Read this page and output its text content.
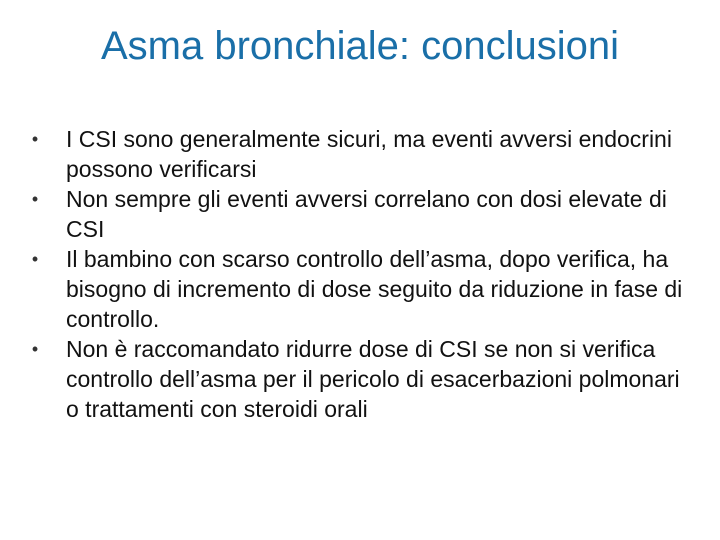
Asma bronchiale: conclusioni
• I CSI sono generalmente sicuri, ma eventi avversi endocrini possono verificarsi
• Non sempre gli eventi avversi correlano con dosi elevate di CSI
• Il bambino con scarso controllo dell’asma, dopo verifica, ha bisogno di incremento di dose seguito da riduzione in fase di controllo.
• Non è raccomandato ridurre dose di CSI se non si verifica controllo dell’asma per il pericolo di esacerbazioni polmonari o trattamenti con steroidi orali
